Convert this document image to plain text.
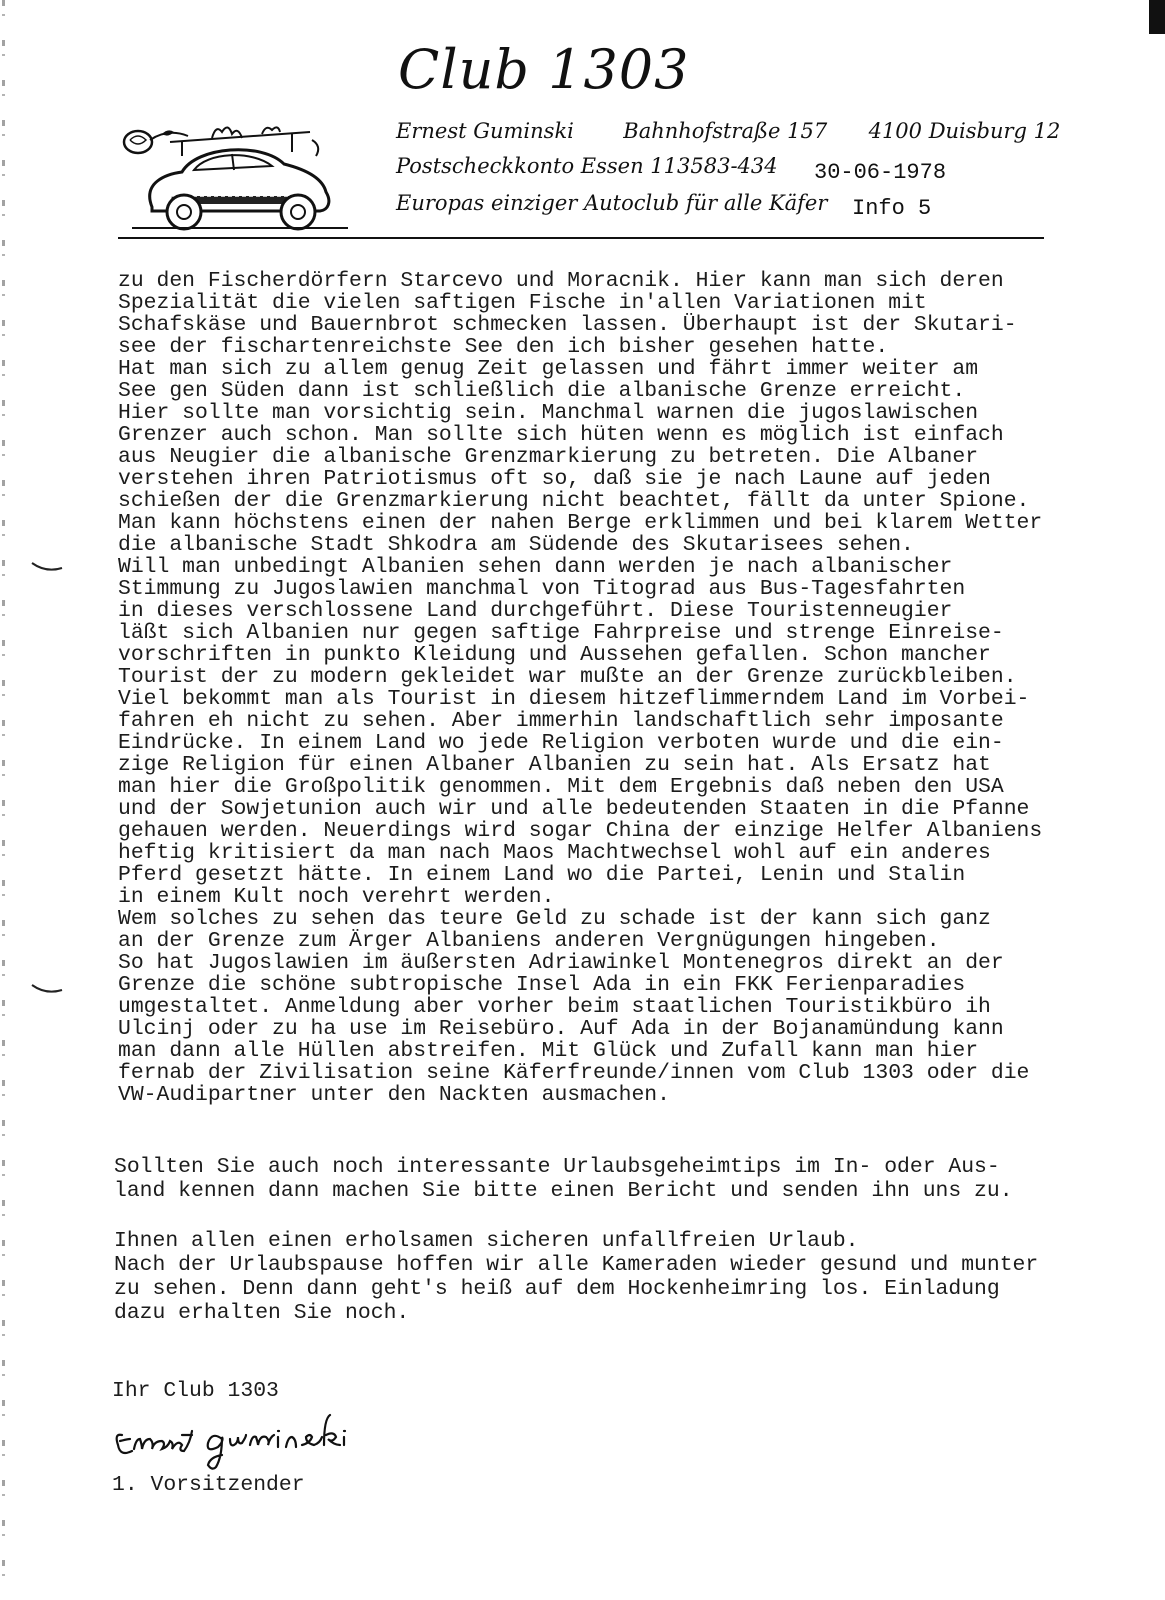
Club 1303
Ernest Guminski Bahnhofstraße 157 4100 Duisburg 12
Postscheckkonto Essen 113583-434 30-06-1978
Europas einziger Autoclub für alle Käfer Info 5

zu den Fischerdörfern Starcevo und Moracnik. Hier kann man sich deren

Spezialität die vielen saftigen Fische in'allen Variationen mit

Schafskäse und Bauernbrot schmecken lassen. Überhaupt ist der Skutari-

see der fischartenreichste See den ich bisher gesehen hatte.

Hat man sich zu allem genug Zeit gelassen und fährt immer weiter am

See gen Süden dann ist schließlich die albanische Grenze erreicht.

Hier sollte man vorsichtig sein. Manchmal warnen die jugoslawischen

Grenzer auch schon. Man sollte sich hüten wenn es möglich ist einfach

aus Neugier die albanische Grenzmarkierung zu betreten. Die Albaner

verstehen ihren Patriotismus oft so, daß sie je nach Laune auf jeden

schießen der die Grenzmarkierung nicht beachtet, fällt da unter Spione.

Man kann höchstens einen der nahen Berge erklimmen und bei klarem Wetter

die albanische Stadt Shkodra am Südende des Skutarisees sehen.

Will man unbedingt Albanien sehen dann werden je nach albanischer

Stimmung zu Jugoslawien manchmal von Titograd aus Bus-Tagesfahrten

in dieses verschlossene Land durchgeführt. Diese Touristenneugier

läßt sich Albanien nur gegen saftige Fahrpreise und strenge Einreise-

vorschriften in punkto Kleidung und Aussehen gefallen. Schon mancher

Tourist der zu modern gekleidet war mußte an der Grenze zurückbleiben.

Viel bekommt man als Tourist in diesem hitzeflimmerndem Land im Vorbei-

fahren eh nicht zu sehen. Aber immerhin landschaftlich sehr imposante

Eindrücke. In einem Land wo jede Religion verboten wurde und die ein-

zige Religion für einen Albaner Albanien zu sein hat. Als Ersatz hat

man hier die Großpolitik genommen. Mit dem Ergebnis daß neben den USA

und der Sowjetunion auch wir und alle bedeutenden Staaten in die Pfanne

gehauen werden. Neuerdings wird sogar China der einzige Helfer Albaniens

heftig kritisiert da man nach Maos Machtwechsel wohl auf ein anderes

Pferd gesetzt hätte. In einem Land wo die Partei, Lenin und Stalin

in einem Kult noch verehrt werden.

Wem solches zu sehen das teure Geld zu schade ist der kann sich ganz

an der Grenze zum Ärger Albaniens anderen Vergnügungen hingeben.

So hat Jugoslawien im äußersten Adriawinkel Montenegros direkt an der

Grenze die schöne subtropische Insel Ada in ein FKK Ferienparadies

umgestaltet. Anmeldung aber vorher beim staatlichen Touristikbüro ih

Ulcinj oder zu ha use im Reisebüro. Auf Ada in der Bojanamündung kann

man dann alle Hüllen abstreifen. Mit Glück und Zufall kann man hier

fernab der Zivilisation seine Käferfreunde/innen vom Club 1303 oder die

VW-Audipartner unter den Nackten ausmachen.

Sollten Sie auch noch interessante Urlaubsgeheimtips im In- oder Aus-

land kennen dann machen Sie bitte einen Bericht und senden ihn uns zu.

Ihnen allen einen erholsamen sicheren unfallfreien Urlaub.

Nach der Urlaubspause hoffen wir alle Kameraden wieder gesund und munter

zu sehen. Denn dann geht's heiß auf dem Hockenheimring los. Einladung

dazu erhalten Sie noch.

Ihr Club 1303

1. Vorsitzender
